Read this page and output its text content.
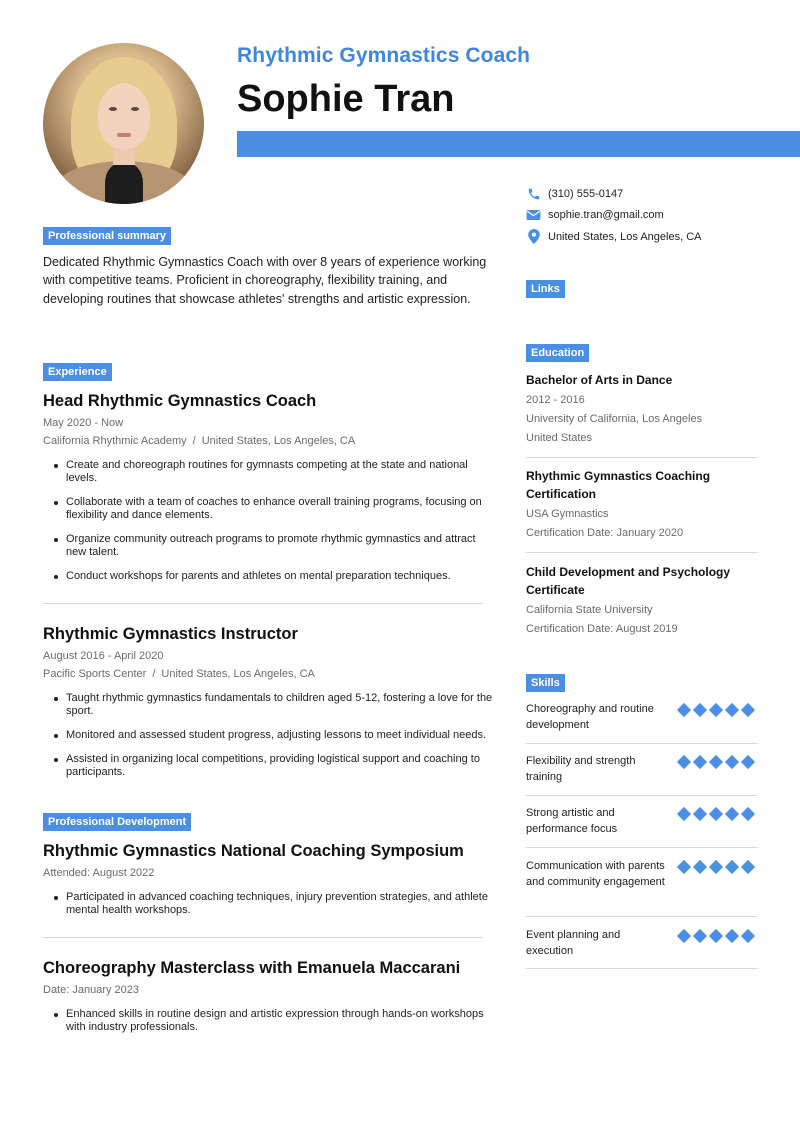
Rhythmic Gymnastics Coach
Sophie Tran
(310) 555-0147
sophie.tran@gmail.com
United States, Los Angeles, CA
Professional summary
Dedicated Rhythmic Gymnastics Coach with over 8 years of experience working with competitive teams. Proficient in choreography, flexibility training, and developing routines that showcase athletes' strengths and artistic expression.
Experience
Head Rhythmic Gymnastics Coach
May 2020 - Now
California Rhythmic Academy / United States, Los Angeles, CA
Create and choreograph routines for gymnasts competing at the state and national levels.
Collaborate with a team of coaches to enhance overall training programs, focusing on flexibility and dance elements.
Organize community outreach programs to promote rhythmic gymnastics and attract new talent.
Conduct workshops for parents and athletes on mental preparation techniques.
Rhythmic Gymnastics Instructor
August 2016 - April 2020
Pacific Sports Center / United States, Los Angeles, CA
Taught rhythmic gymnastics fundamentals to children aged 5-12, fostering a love for the sport.
Monitored and assessed student progress, adjusting lessons to meet individual needs.
Assisted in organizing local competitions, providing logistical support and coaching to participants.
Professional Development
Rhythmic Gymnastics National Coaching Symposium
Attended: August 2022
Participated in advanced coaching techniques, injury prevention strategies, and athlete mental health workshops.
Choreography Masterclass with Emanuela Maccarani
Date: January 2023
Enhanced skills in routine design and artistic expression through hands-on workshops with industry professionals.
Links
Education
Bachelor of Arts in Dance
2012 - 2016
University of California, Los Angeles
United States
Rhythmic Gymnastics Coaching Certification
USA Gymnastics
Certification Date: January 2020
Child Development and Psychology Certificate
California State University
Certification Date: August 2019
Skills
Choreography and routine development
Flexibility and strength training
Strong artistic and performance focus
Communication with parents and community engagement
Event planning and execution
